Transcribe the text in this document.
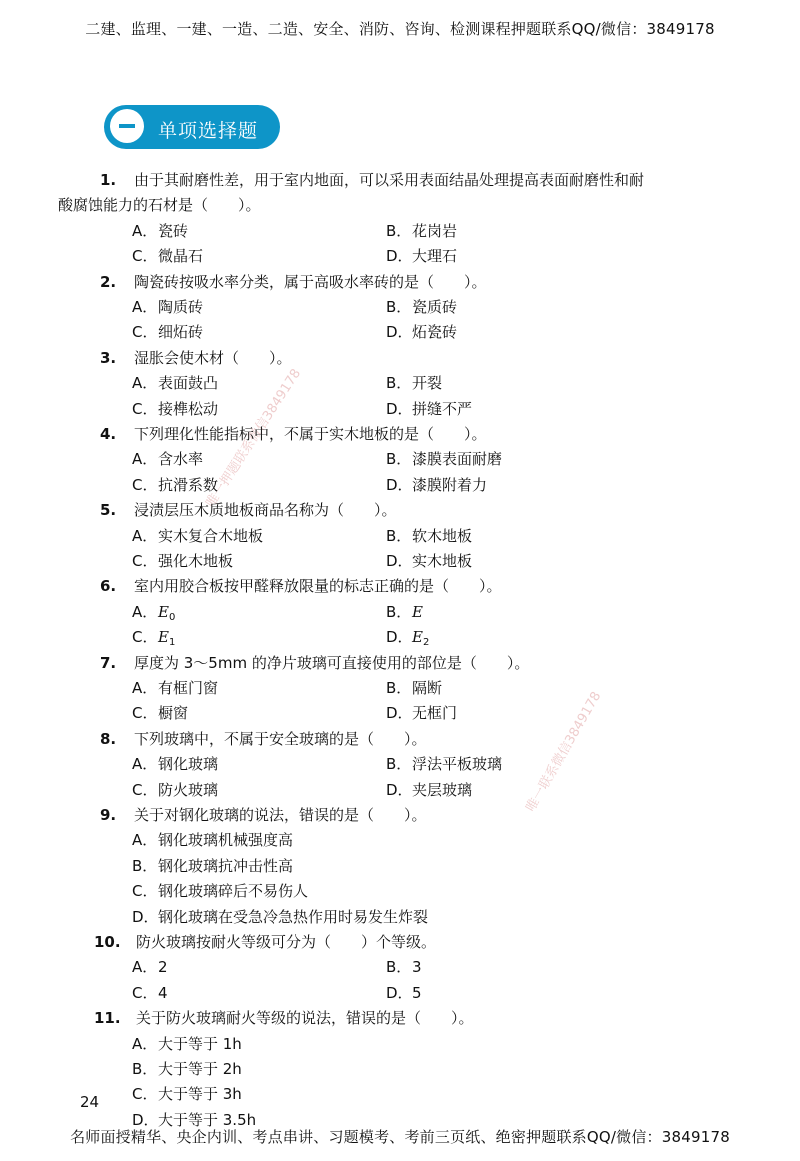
二建、监理、一建、一造、二造、安全、消防、咨询、检测课程押题联系QQ/微信：3849178
单项选择题
唯一押题联系微信3849178
唯一联系微信3849178
1. 由于其耐磨性差，用于室内地面，可以采用表面结晶处理提高表面耐磨性和耐
酸腐蚀能力的石材是（　　）。
A．瓷砖	B．花岗岩
C．微晶石	D．大理石
2. 陶瓷砖按吸水率分类，属于高吸水率砖的是（　　）。
A．陶质砖	B．瓷质砖
C．细炻砖	D．炻瓷砖
3. 湿胀会使木材（　　）。
A．表面鼓凸	B．开裂
C．接榫松动	D．拼缝不严
4. 下列理化性能指标中，不属于实木地板的是（　　）。
A．含水率	B．漆膜表面耐磨
C．抗滑系数	D．漆膜附着力
5. 浸渍层压木质地板商品名称为（　　）。
A．实木复合木地板	B．软木地板
C．强化木地板	D．实木地板
6. 室内用胶合板按甲醛释放限量的标志正确的是（　　）。
A．$E_0$	B．E
C．$E_1$	D．$E_2$
7. 厚度为 3～5mm 的净片玻璃可直接使用的部位是（　　）。
A．有框门窗	B．隔断
C．橱窗	D．无框门
8. 下列玻璃中，不属于安全玻璃的是（　　）。
A．钢化玻璃	B．浮法平板玻璃
C．防火玻璃	D．夹层玻璃
9. 关于对钢化玻璃的说法，错误的是（　　）。
A．钢化玻璃机械强度高
B．钢化玻璃抗冲击性高
C．钢化玻璃碎后不易伤人
D．钢化玻璃在受急冷急热作用时易发生炸裂
10. 防火玻璃按耐火等级可分为（　　）个等级。
A．2	B．3
C．4	D．5
11. 关于防火玻璃耐火等级的说法，错误的是（　　）。
A．大于等于 1h
B．大于等于 2h
C．大于等于 3h
D．大于等于 3.5h
24
名师面授精华、央企内训、考点串讲、习题模考、考前三页纸、绝密押题联系QQ/微信：3849178
